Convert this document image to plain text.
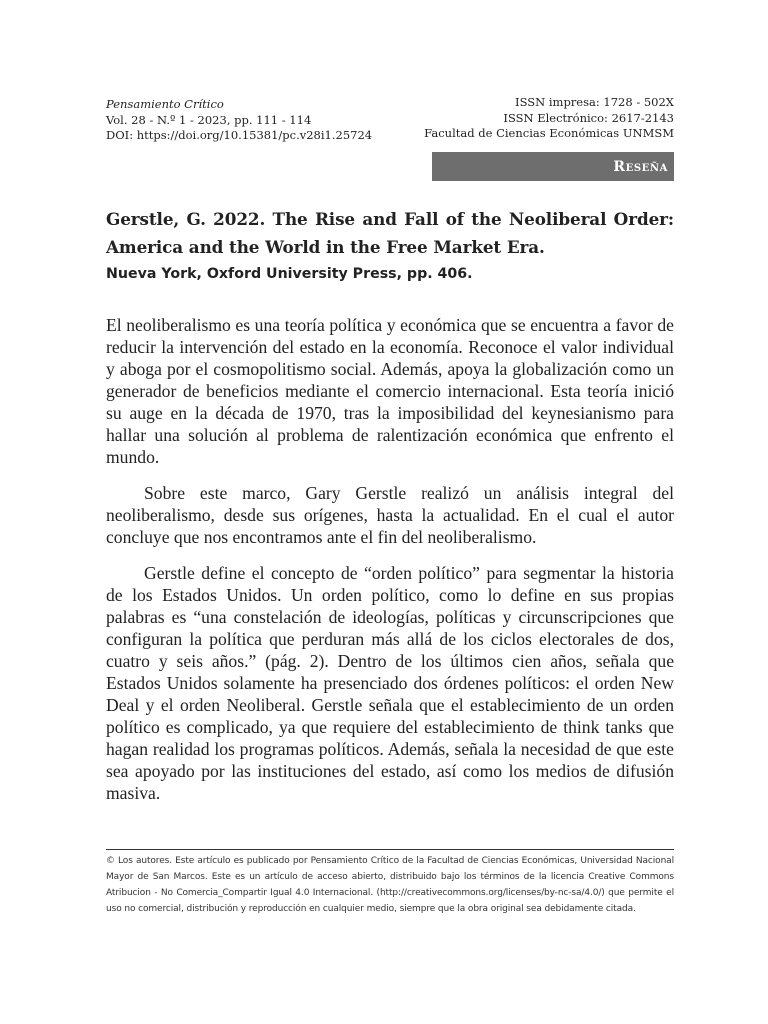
Pensamiento Crítico
Vol. 28 - N.º 1 - 2023, pp. 111 - 114
DOI: https://doi.org/10.15381/pc.v28i1.25724
ISSN impresa: 1728 - 502X
ISSN Electrónico: 2617-2143
Facultad de Ciencias Económicas UNMSM
Reseña
Gerstle, G. 2022. The Rise and Fall of the Neoliberal Order: America and the World in the Free Market Era.
Nueva York, Oxford University Press, pp. 406.

El neoliberalismo es una teoría política y económica que se encuentra a favor de reducir la intervención del estado en la economía. Reconoce el valor individual y aboga por el cosmopolitismo social. Además, apoya la globalización como un generador de beneficios mediante el comercio internacional. Esta teoría inició su auge en la década de 1970, tras la imposibilidad del keynesianismo para hallar una solución al problema de ralentización económica que enfrento el mundo.

Sobre este marco, Gary Gerstle realizó un análisis integral del neoliberalismo, desde sus orígenes, hasta la actualidad. En el cual el autor concluye que nos encontramos ante el fin del neoliberalismo.

Gerstle define el concepto de “orden político” para segmentar la historia de los Estados Unidos. Un orden político, como lo define en sus propias palabras es “una constelación de ideologías, políticas y circunscripciones que configuran la política que perduran más allá de los ciclos electorales de dos, cuatro y seis años.” (pág. 2). Dentro de los últimos cien años, señala que Estados Unidos solamente ha presenciado dos órdenes políticos: el orden New Deal y el orden Neoliberal. Gerstle señala que el establecimiento de un orden político es complicado, ya que requiere del establecimiento de think tanks que hagan realidad los programas políticos. Además, señala la necesidad de que este sea apoyado por las instituciones del estado, así como los medios de difusión masiva.

© Los autores. Este artículo es publicado por Pensamiento Crítico de la Facultad de Ciencias Económicas, Universidad Nacional Mayor de San Marcos. Este es un artículo de acceso abierto, distribuido bajo los términos de la licencia Creative Commons Atribucion - No Comercia_Compartir Igual 4.0 Internacional. (http://creativecommons.org/licenses/by-nc-sa/4.0/) que permite el uso no comercial, distribución y reproducción en cualquier medio, siempre que la obra original sea debidamente citada.
